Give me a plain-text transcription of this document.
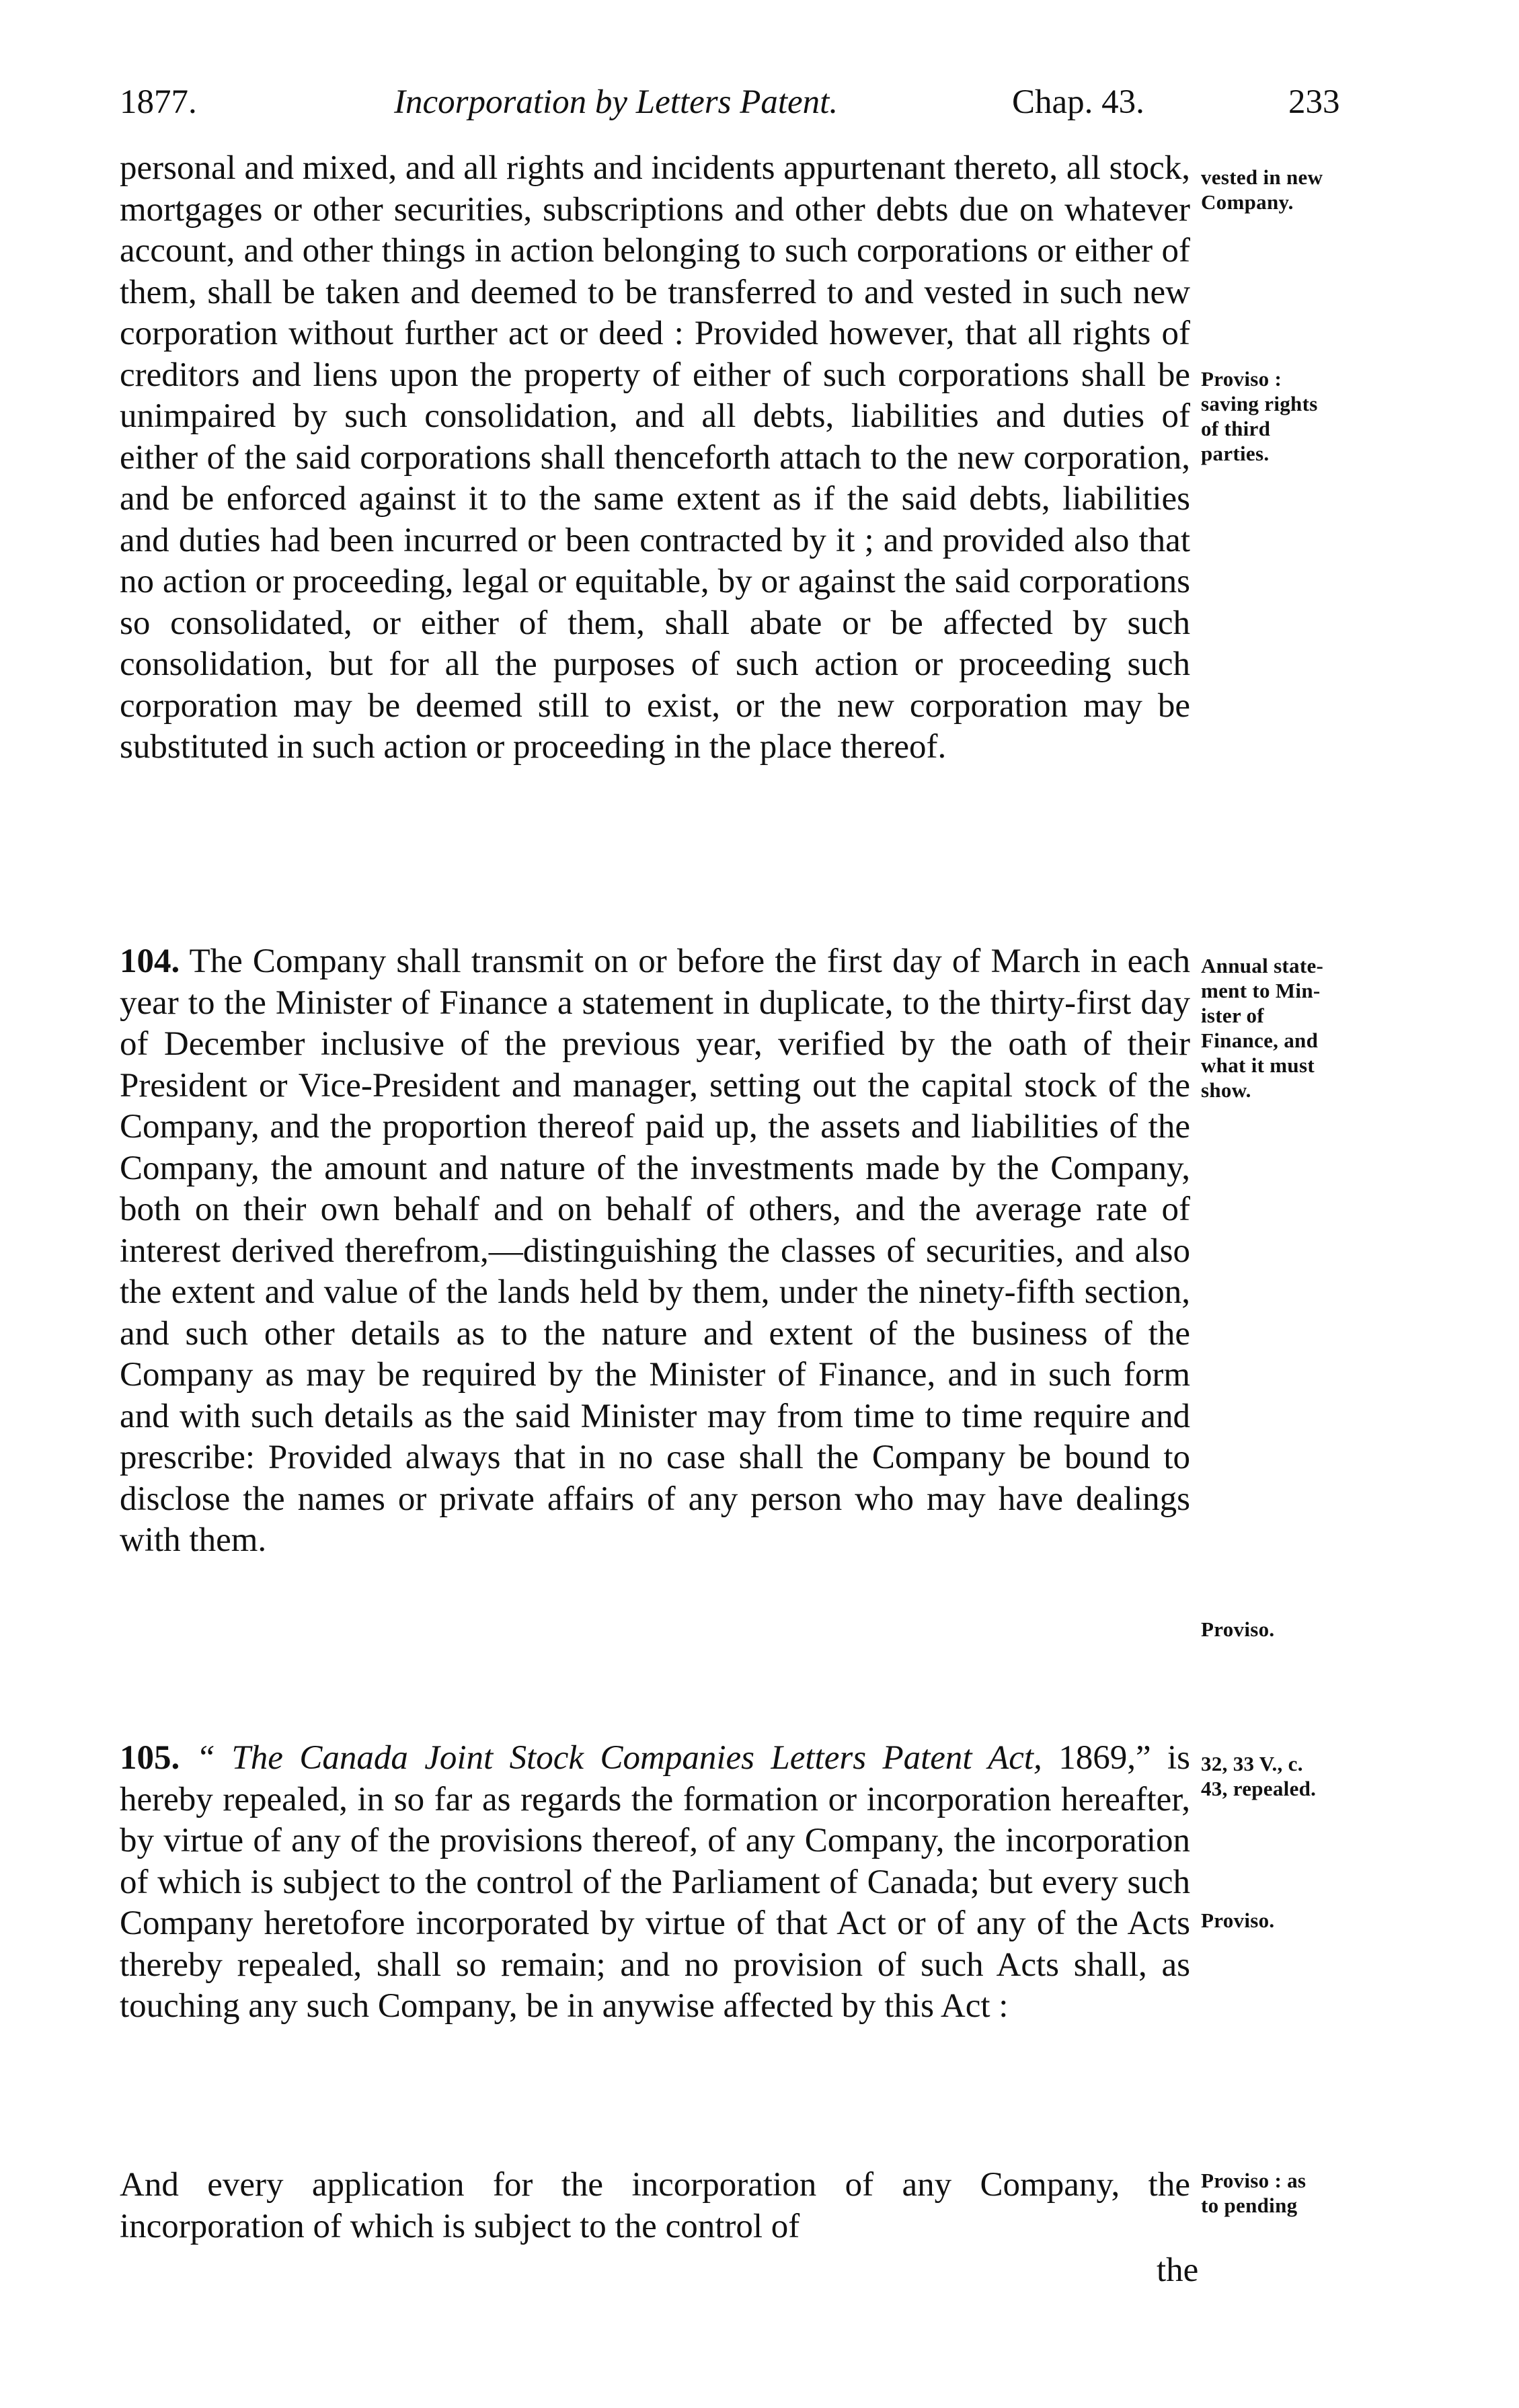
1877.	Incorporation by Letters Patent.	Chap. 43.	233

personal and mixed, and all rights and incidents appurtenant thereto, all stock, mortgages or other securities, subscriptions and other debts due on whatever account, and other things in action belonging to such corporations or either of them, shall be taken and deemed to be transferred to and vested in such new corporation without further act or deed : Provided however, that all rights of creditors and liens upon the property of either of such corporations shall be unimpaired by such consolidation, and all debts, liabilities and duties of either of the said corporations shall thenceforth attach to the new corporation, and be enforced against it to the same extent as if the said debts, liabilities and duties had been incurred or been contracted by it ; and provided also that no action or proceeding, legal or equitable, by or against the said corporations so consolidated, or either of them, shall abate or be affected by such consolidation, but for all the purposes of such action or proceeding such corporation may be deemed still to exist, or the new corporation may be substituted in such action or proceeding in the place thereof.

104. The Company shall transmit on or before the first day of March in each year to the Minister of Finance a statement in duplicate, to the thirty-first day of December inclusive of the previous year, verified by the oath of their President or Vice-President and manager, setting out the capital stock of the Company, and the proportion thereof paid up, the assets and liabilities of the Company, the amount and nature of the investments made by the Company, both on their own behalf and on behalf of others, and the average rate of interest derived therefrom,—distinguishing the classes of securities, and also the extent and value of the lands held by them, under the ninety-fifth section, and such other details as to the nature and extent of the business of the Company as may be required by the Minister of Finance, and in such form and with such details as the said Minister may from time to time require and prescribe: Provided always that in no case shall the Company be bound to disclose the names or private affairs of any person who may have dealings with them.

105. “ The Canada Joint Stock Companies Letters Patent Act, 1869,” is hereby repealed, in so far as regards the formation or incorporation hereafter, by virtue of any of the provisions thereof, of any Company, the incorporation of which is subject to the control of the Parliament of Canada; but every such Company heretofore incorporated by virtue of that Act or of any of the Acts thereby repealed, shall so remain; and no provision of such Acts shall, as touching any such Company, be in anywise affected by this Act :

And every application for the incorporation of any Company, the incorporation of which is subject to the control of

the
vested in new
Company.
Proviso :
saving rights
of third
parties.
Annual state-
ment to Min-
ister of
Finance, and
what it must
show.
Proviso.
32, 33 V., c.
43, repealed.
Proviso.
Proviso : as
to pending
